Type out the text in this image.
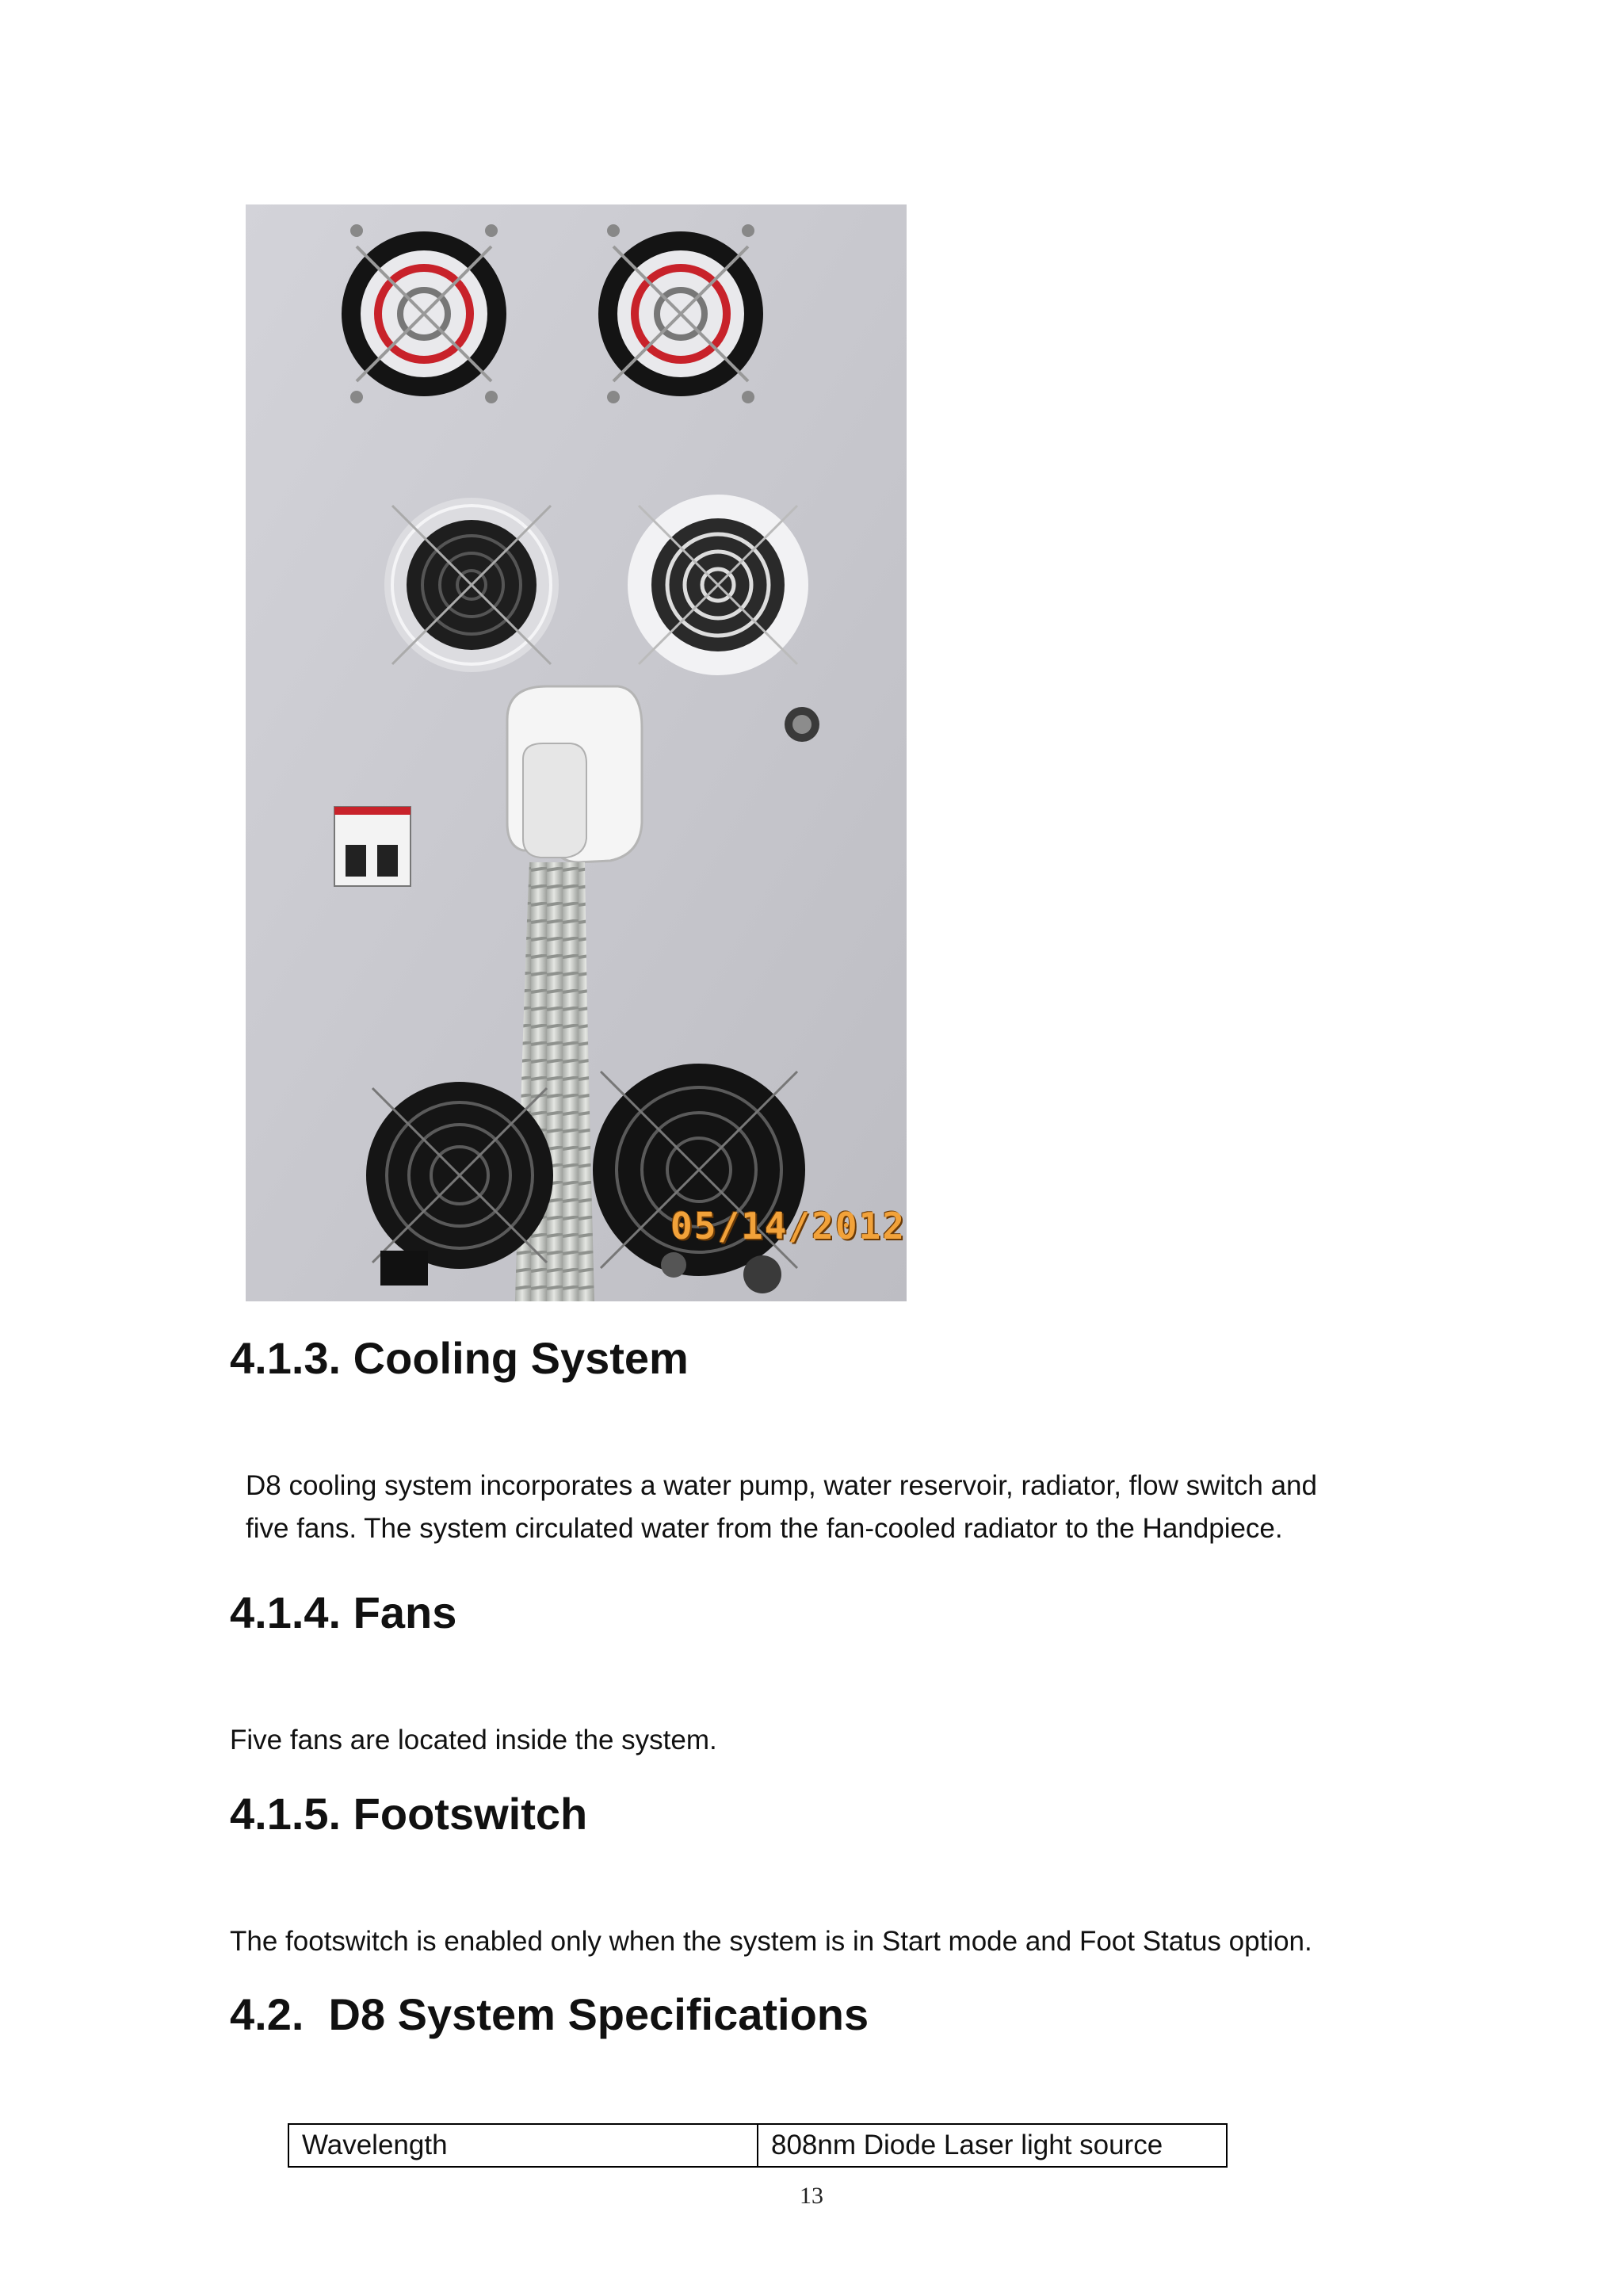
05/14/2012
4.1.3. Cooling System

D8 cooling system incorporates a water pump, water reservoir, radiator, flow switch and
five fans. The system circulated water from the fan-cooled radiator to the Handpiece.

4.1.4. Fans

Five fans are located inside the system.

4.1.5. Footswitch

The footswitch is enabled only when the system is in Start mode and Foot Status option.

4.2.  D8 System Specifications
Wavelength	808nm Diode Laser light source
13
